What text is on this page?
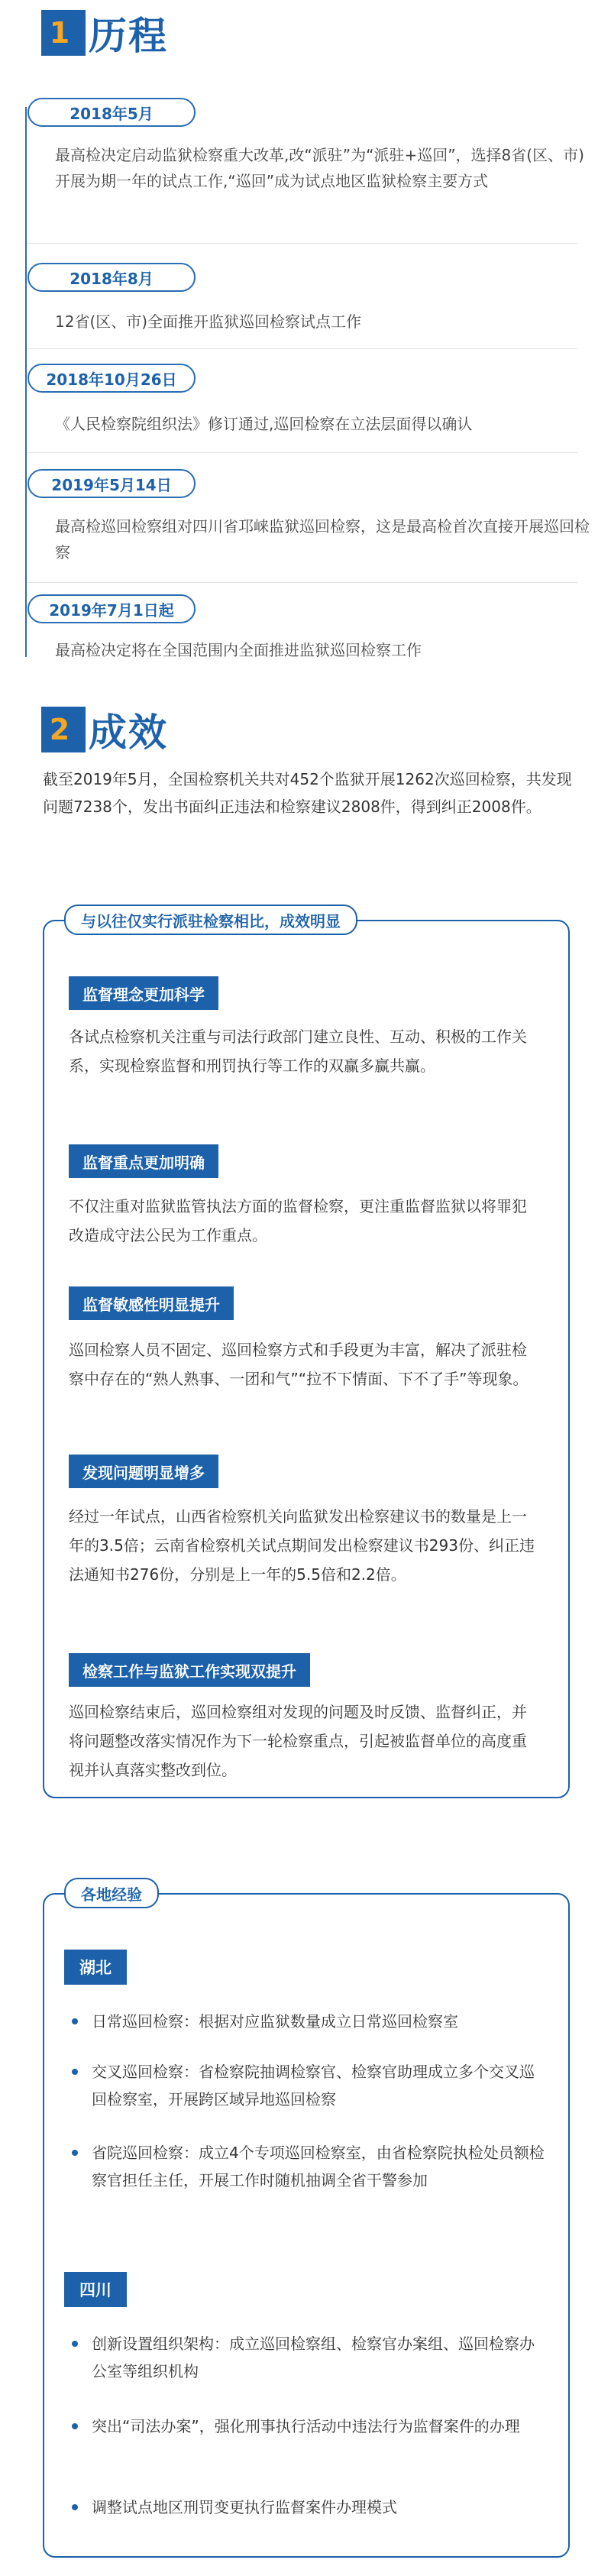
1 历程
2018年5月
最高检决定启动监狱检察重大改革,改“派驻”为“派驻+巡回”，选择8省(区、市)开展为期一年的试点工作,“巡回”成为试点地区监狱检察主要方式
2018年8月
12省(区、市)全面推开监狱巡回检察试点工作
2018年10月26日
《人民检察院组织法》修订通过,巡回检察在立法层面得以确认
2019年5月14日
最高检巡回检察组对四川省邛崃监狱巡回检察，这是最高检首次直接开展巡回检察
2019年7月1日起
最高检决定将在全国范围内全面推进监狱巡回检察工作
2 成效
截至2019年5月，全国检察机关共对452个监狱开展1262次巡回检察，共发现问题7238个，发出书面纠正违法和检察建议2808件，得到纠正2008件。
与以往仅实行派驻检察相比，成效明显
监督理念更加科学
各试点检察机关注重与司法行政部门建立良性、互动、积极的工作关系，实现检察监督和刑罚执行等工作的双赢多赢共赢。
监督重点更加明确
不仅注重对监狱监管执法方面的监督检察，更注重监督监狱以将罪犯改造成守法公民为工作重点。
监督敏感性明显提升
巡回检察人员不固定、巡回检察方式和手段更为丰富，解决了派驻检察中存在的“熟人熟事、一团和气”“拉不下情面、下不了手”等现象。
发现问题明显增多
经过一年试点，山西省检察机关向监狱发出检察建议书的数量是上一年的3.5倍；云南省检察机关试点期间发出检察建议书293份、纠正违法通知书276份，分别是上一年的5.5倍和2.2倍。
检察工作与监狱工作实现双提升
巡回检察结束后，巡回检察组对发现的问题及时反馈、监督纠正，并将问题整改落实情况作为下一轮检察重点，引起被监督单位的高度重视并认真落实整改到位。
各地经验
湖北
日常巡回检察：根据对应监狱数量成立日常巡回检察室
交叉巡回检察：省检察院抽调检察官、检察官助理成立多个交叉巡回检察室，开展跨区域异地巡回检察
省院巡回检察：成立4个专项巡回检察室，由省检察院执检处员额检察官担任主任，开展工作时随机抽调全省干警参加
四川
创新设置组织架构：成立巡回检察组、检察官办案组、巡回检察办公室等组织机构
突出“司法办案”，强化刑事执行活动中违法行为监督案件的办理
调整试点地区刑罚变更执行监督案件办理模式
